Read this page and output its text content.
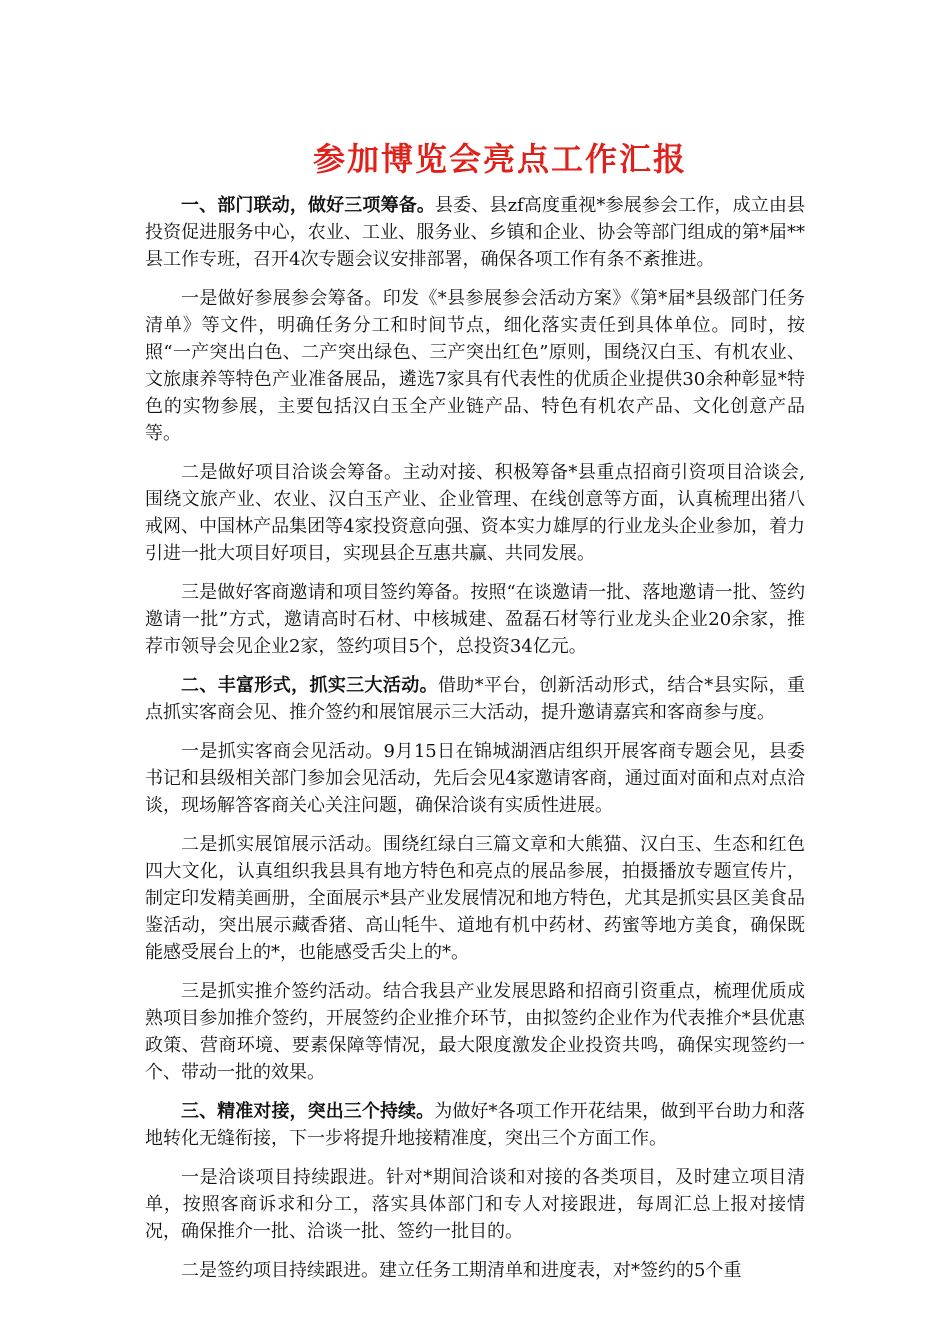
参加博览会亮点工作汇报

一、部门联动，做好三项筹备。县委、县zf高度重视*参展参会工作，成立由县投资促进服务中心，农业、工业、服务业、乡镇和企业、协会等部门组成的第*届**县工作专班，召开4次专题会议安排部署，确保各项工作有条不紊推进。

一是做好参展参会筹备。印发《*县参展参会活动方案》《第*届*县级部门任务清单》等文件，明确任务分工和时间节点，细化落实责任到具体单位。同时，按照“一产突出白色、二产突出绿色、三产突出红色”原则，围绕汉白玉、有机农业、文旅康养等特色产业准备展品，遴选7家具有代表性的优质企业提供30余种彰显*特色的实物参展，主要包括汉白玉全产业链产品、特色有机农产品、文化创意产品等。

二是做好项目洽谈会筹备。主动对接、积极筹备*县重点招商引资项目洽谈会,围绕文旅产业、农业、汉白玉产业、企业管理、在线创意等方面，认真梳理出猪八戒网、中国林产品集团等4家投资意向强、资本实力雄厚的行业龙头企业参加，着力引进一批大项目好项目，实现县企互惠共赢、共同发展。

三是做好客商邀请和项目签约筹备。按照“在谈邀请一批、落地邀请一批、签约邀请一批”方式，邀请高时石材、中核城建、盈磊石材等行业龙头企业20余家，推荐市领导会见企业2家，签约项目5个，总投资34亿元。

二、丰富形式，抓实三大活动。借助*平台，创新活动形式，结合*县实际，重点抓实客商会见、推介签约和展馆展示三大活动，提升邀请嘉宾和客商参与度。

一是抓实客商会见活动。9月15日在锦城湖酒店组织开展客商专题会见，县委书记和县级相关部门参加会见活动，先后会见4家邀请客商，通过面对面和点对点洽谈，现场解答客商关心关注问题，确保洽谈有实质性进展。

二是抓实展馆展示活动。围绕红绿白三篇文章和大熊猫、汉白玉、生态和红色四大文化，认真组织我县具有地方特色和亮点的展品参展，拍摄播放专题宣传片，制定印发精美画册，全面展示*县产业发展情况和地方特色，尤其是抓实县区美食品鉴活动，突出展示藏香猪、高山牦牛、道地有机中药材、药蜜等地方美食，确保既能感受展台上的*，也能感受舌尖上的*。

三是抓实推介签约活动。结合我县产业发展思路和招商引资重点，梳理优质成熟项目参加推介签约，开展签约企业推介环节，由拟签约企业作为代表推介*县优惠政策、营商环境、要素保障等情况，最大限度激发企业投资共鸣，确保实现签约一个、带动一批的效果。

三、精准对接，突出三个持续。为做好*各项工作开花结果，做到平台助力和落地转化无缝衔接，下一步将提升地接精准度，突出三个方面工作。

一是洽谈项目持续跟进。针对*期间洽谈和对接的各类项目，及时建立项目清单，按照客商诉求和分工，落实具体部门和专人对接跟进，每周汇总上报对接情况，确保推介一批、洽谈一批、签约一批目的。

二是签约项目持续跟进。建立任务工期清单和进度表，对*签约的5个重
